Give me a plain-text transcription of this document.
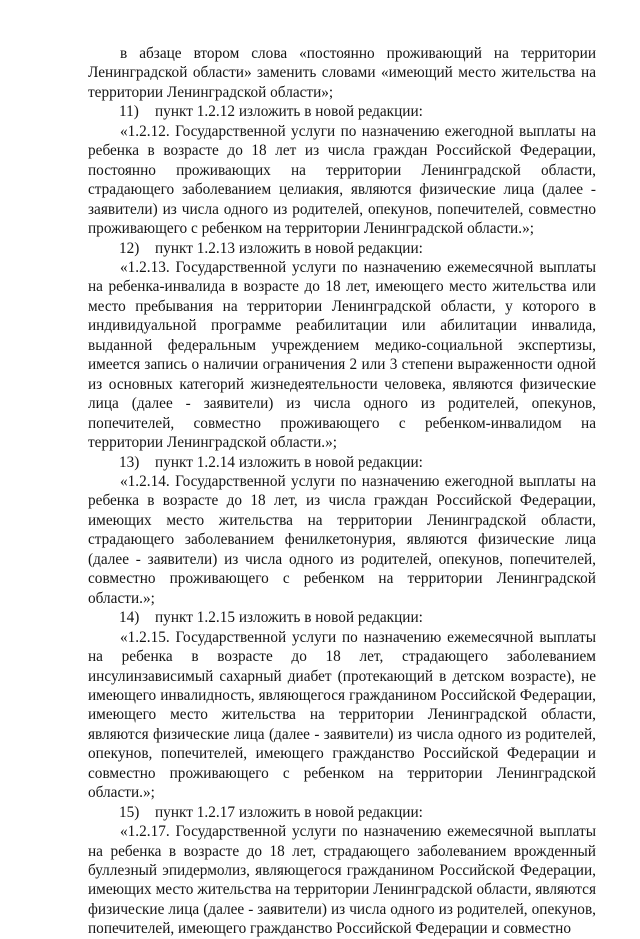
в абзаце втором слова «постоянно проживающий на территории Ленинградской области» заменить словами «имеющий место жительства на территории Ленинградской области»;

11) пункт 1.2.12 изложить в новой редакции:

«1.2.12. Государственной услуги по назначению ежегодной выплаты на ребенка в возрасте до 18 лет из числа граждан Российской Федерации, постоянно проживающих на территории Ленинградской области, страдающего заболеванием целиакия, являются физические лица (далее - заявители) из числа одного из родителей, опекунов, попечителей, совместно проживающего с ребенком на территории Ленинградской области.»;

12) пункт 1.2.13 изложить в новой редакции:

«1.2.13. Государственной услуги по назначению ежемесячной выплаты на ребенка-инвалида в возрасте до 18 лет, имеющего место жительства или место пребывания на территории Ленинградской области, у которого в индивидуальной программе реабилитации или абилитации инвалида, выданной федеральным учреждением медико-социальной экспертизы, имеется запись о наличии ограничения 2 или 3 степени выраженности одной из основных категорий жизнедеятельности человека, являются физические лица (далее - заявители) из числа одного из родителей, опекунов, попечителей, совместно проживающего с ребенком-инвалидом на территории Ленинградской области.»;

13) пункт 1.2.14 изложить в новой редакции:

«1.2.14. Государственной услуги по назначению ежегодной выплаты на ребенка в возрасте до 18 лет, из числа граждан Российской Федерации, имеющих место жительства на территории Ленинградской области, страдающего заболеванием фенилкетонурия, являются физические лица (далее - заявители) из числа одного из родителей, опекунов, попечителей, совместно проживающего с ребенком на территории Ленинградской области.»;

14) пункт 1.2.15 изложить в новой редакции:

«1.2.15. Государственной услуги по назначению ежемесячной выплаты на ребенка в возрасте до 18 лет, страдающего заболеванием инсулинзависимый сахарный диабет (протекающий в детском возрасте), не имеющего инвалидность, являющегося гражданином Российской Федерации, имеющего место жительства на территории Ленинградской области, являются физические лица (далее - заявители) из числа одного из родителей, опекунов, попечителей, имеющего гражданство Российской Федерации и совместно проживающего с ребенком на территории Ленинградской области.»;

15) пункт 1.2.17 изложить в новой редакции:

«1.2.17. Государственной услуги по назначению ежемесячной выплаты на ребенка в возрасте до 18 лет, страдающего заболеванием врожденный буллезный эпидермолиз, являющегося гражданином Российской Федерации, имеющих место жительства на территории Ленинградской области, являются физические лица (далее - заявители) из числа одного из родителей, опекунов, попечителей, имеющего гражданство Российской Федерации и совместно
